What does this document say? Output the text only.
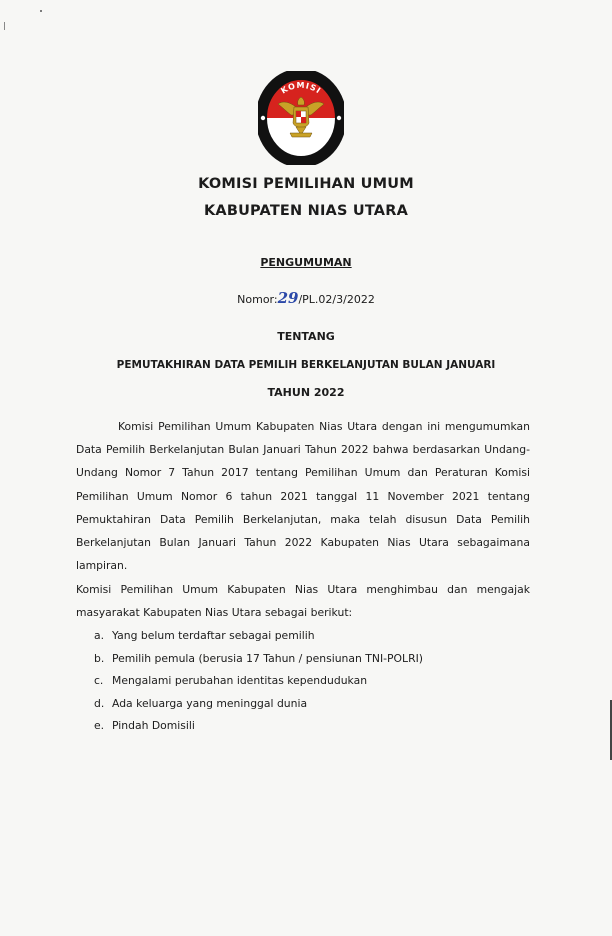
KOMISI
PEMILIHAN UMUM
KOMISI PEMILIHAN UMUM
KABUPATEN NIAS UTARA
PENGUMUMAN
Nomor:29/PL.02/3/2022
TENTANG
PEMUTAKHIRAN DATA PEMILIH BERKELANJUTAN BULAN JANUARI
TAHUN 2022

Komisi Pemilihan Umum Kabupaten Nias Utara dengan ini mengumumkan Data Pemilih Berkelanjutan Bulan Januari Tahun 2022 bahwa berdasarkan Undang-Undang Nomor 7 Tahun 2017 tentang Pemilihan Umum dan Peraturan Komisi Pemilihan Umum Nomor 6 tahun 2021 tanggal 11 November 2021 tentang Pemuktahiran Data Pemilih Berkelanjutan, maka telah disusun Data Pemilih Berkelanjutan Bulan Januari Tahun 2022 Kabupaten Nias Utara sebagaimana lampiran.

Komisi Pemilihan Umum Kabupaten Nias Utara menghimbau dan mengajak masyarakat Kabupaten Nias Utara sebagai berikut:

a. Yang belum terdaftar sebagai pemilih
b. Pemilih pemula (berusia 17 Tahun / pensiunan TNI-POLRI)
c. Mengalami perubahan identitas kependudukan
d. Ada keluarga yang meninggal dunia
e. Pindah Domisili
